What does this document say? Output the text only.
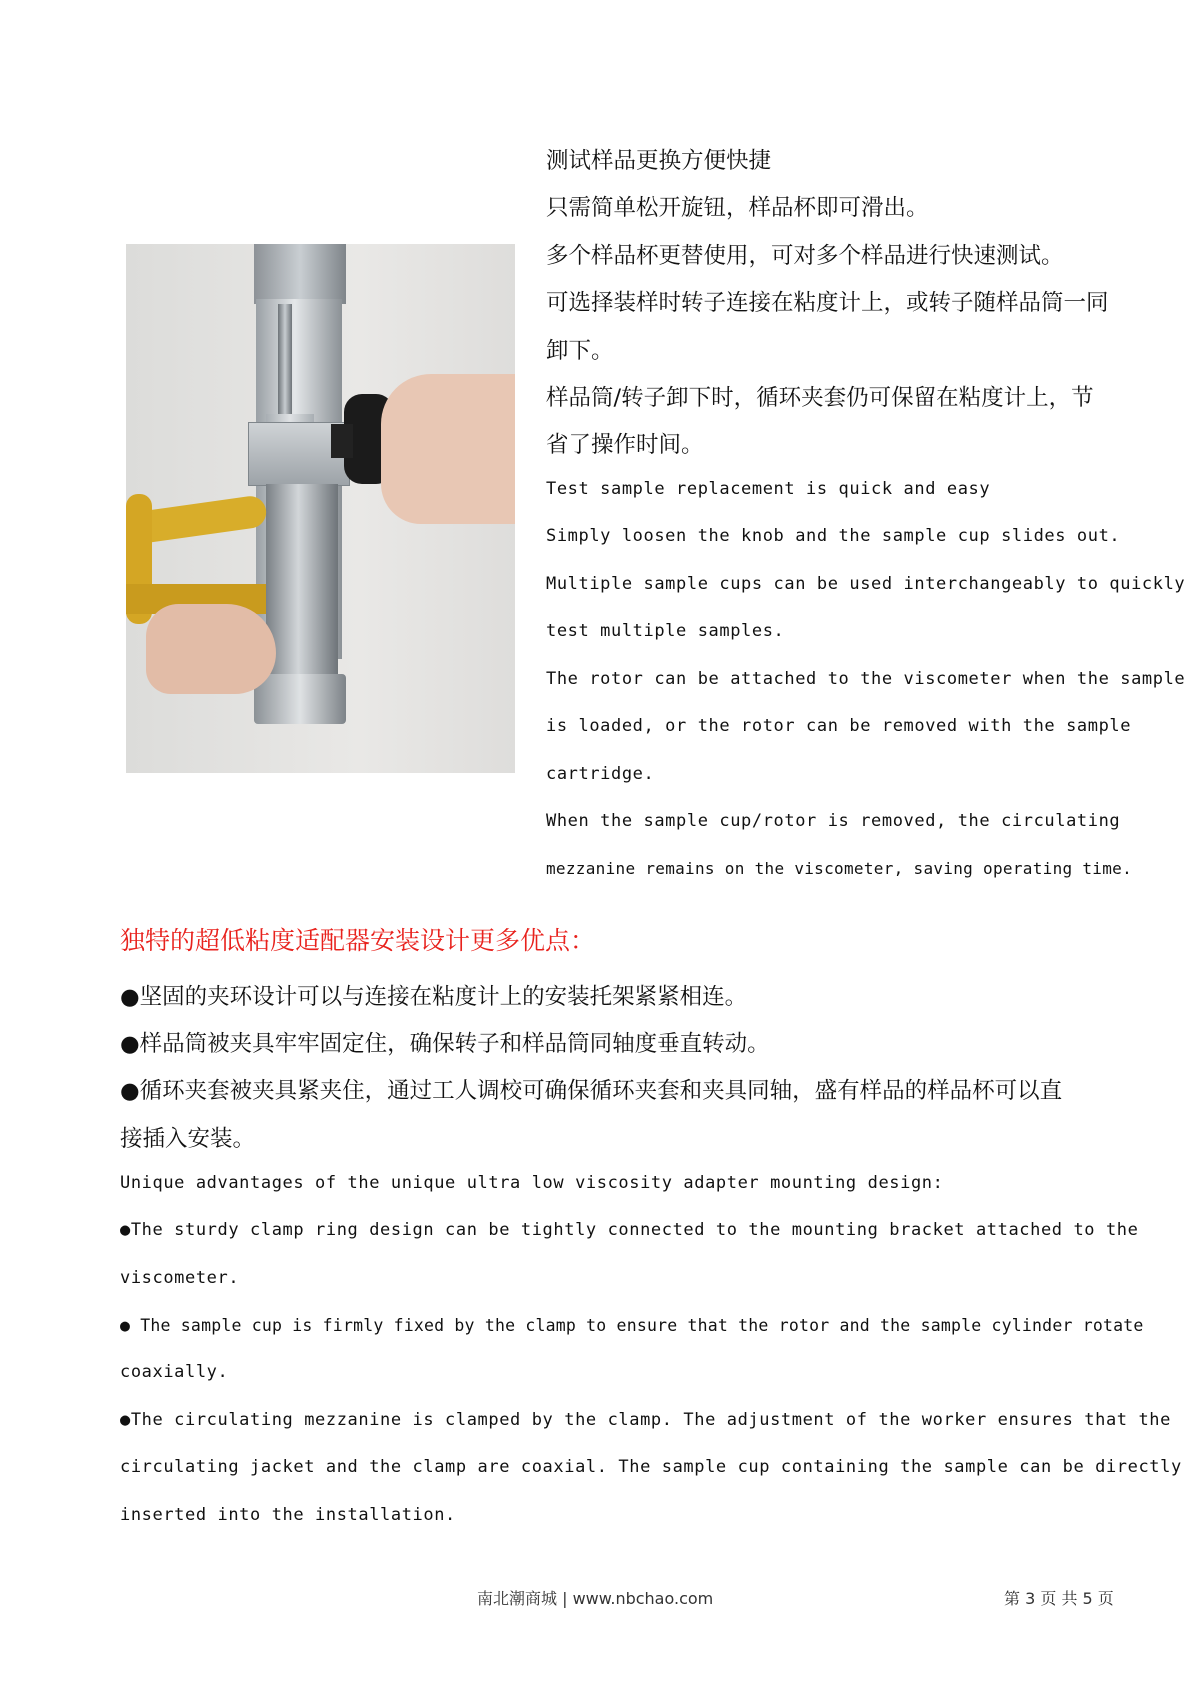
测试样品更换方便快捷
只需简单松开旋钮，样品杯即可滑出。
多个样品杯更替使用，可对多个样品进行快速测试。
可选择装样时转子连接在粘度计上，或转子随样品筒一同
卸下。
样品筒/转子卸下时，循环夹套仍可保留在粘度计上，节
省了操作时间。
Test sample replacement is quick and easy
Simply loosen the knob and the sample cup slides out.
Multiple sample cups can be used interchangeably to quickly
test multiple samples.
The rotor can be attached to the viscometer when the sample
is loaded, or the rotor can be removed with the sample
cartridge.
When the sample cup/rotor is removed, the circulating
mezzanine remains on the viscometer, saving operating time.
独特的超低粘度适配器安装设计更多优点：
●坚固的夹环设计可以与连接在粘度计上的安装托架紧紧相连。
●样品筒被夹具牢牢固定住，确保转子和样品筒同轴度垂直转动。
●循环夹套被夹具紧夹住，通过工人调校可确保循环夹套和夹具同轴，盛有样品的样品杯可以直
接插入安装。
Unique advantages of the unique ultra low viscosity adapter mounting design:
●The sturdy clamp ring design can be tightly connected to the mounting bracket attached to the
viscometer.
● The sample cup is firmly fixed by the clamp to ensure that the rotor and the sample cylinder rotate
coaxially.
●The circulating mezzanine is clamped by the clamp. The adjustment of the worker ensures that the
circulating jacket and the clamp are coaxial. The sample cup containing the sample can be directly
inserted into the installation.
南北潮商城 | www.nbchao.com	第 3 页 共 5 页
